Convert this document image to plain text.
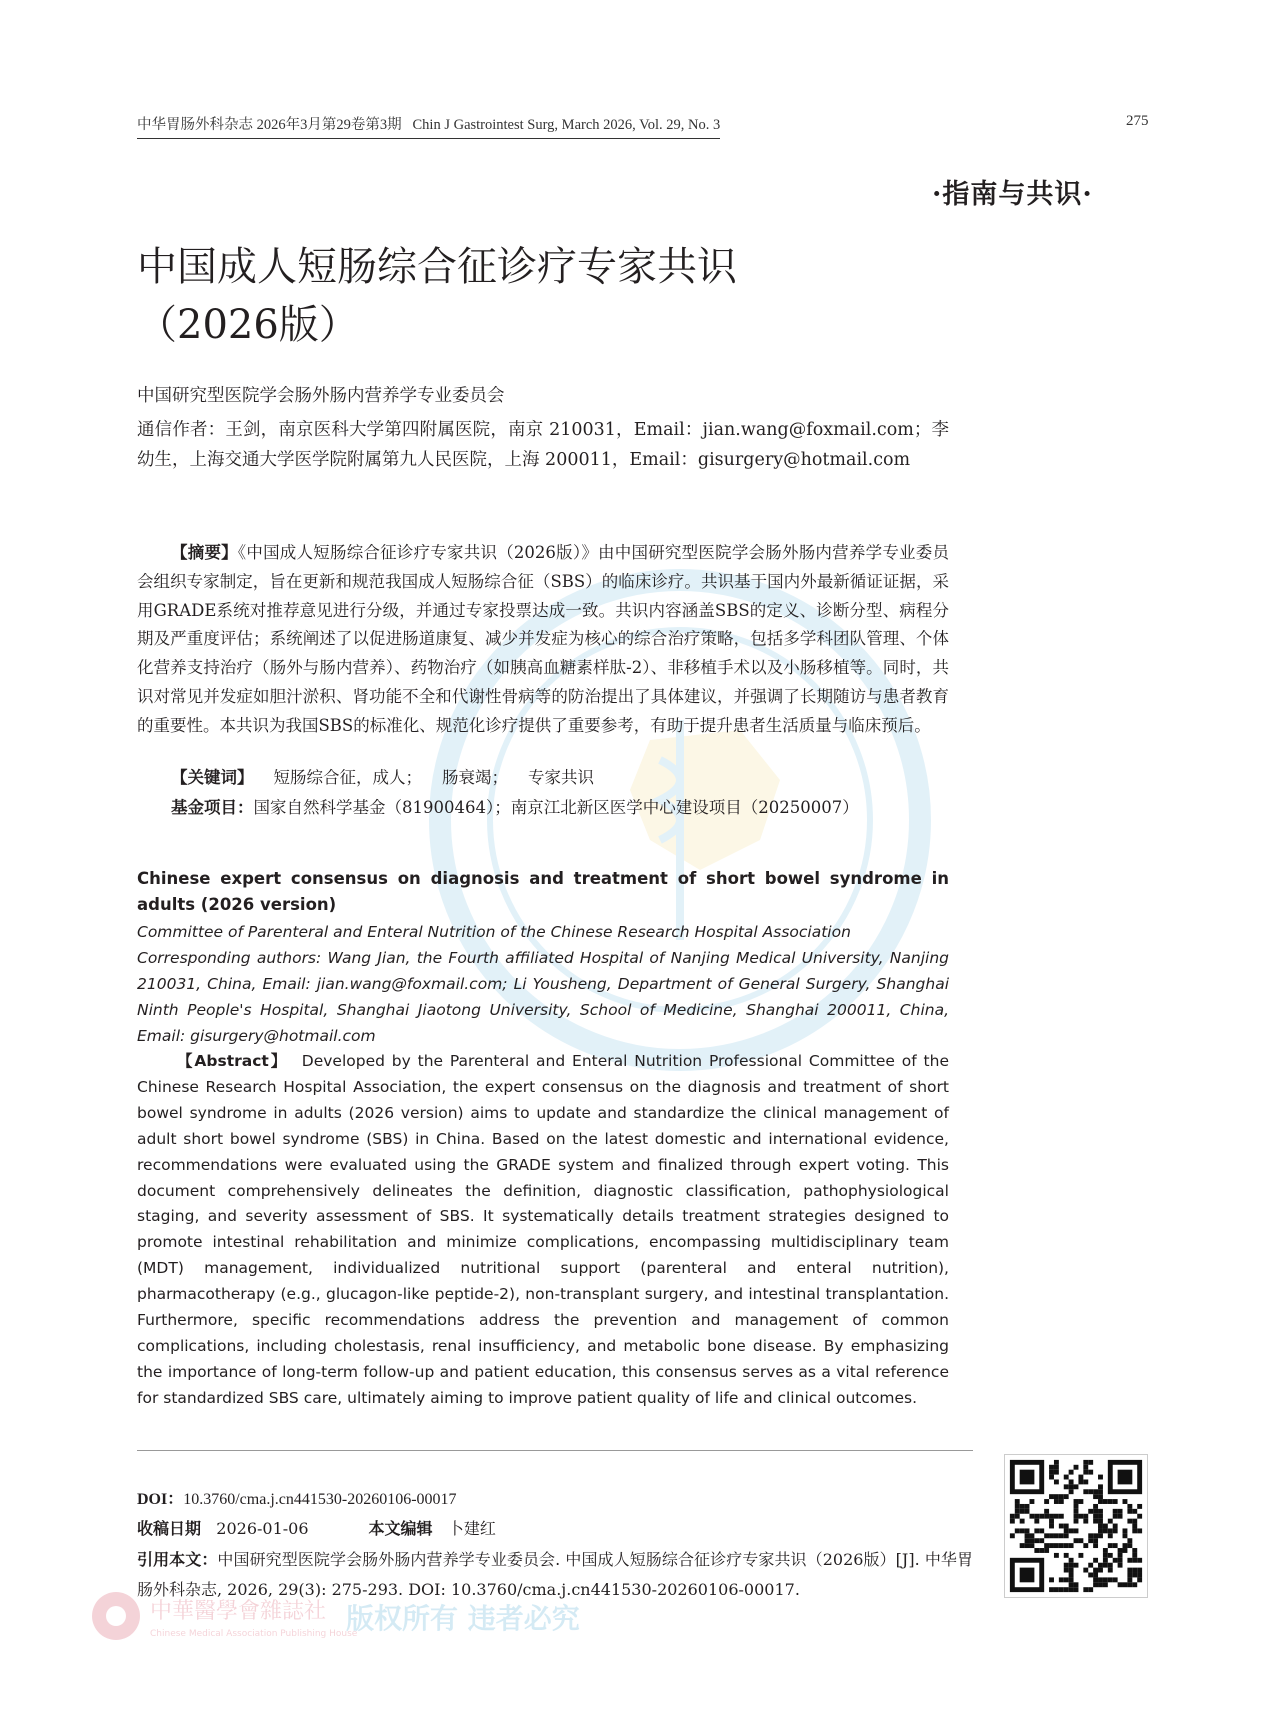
中华胃肠外科杂志 2026年3月第29卷第3期 Chin J Gastrointest Surg, March 2026, Vol. 29, No. 3	275
·指南与共识·
中国成人短肠综合征诊疗专家共识
（2026版）
中国研究型医院学会肠外肠内营养学专业委员会
通信作者：王剑，南京医科大学第四附属医院，南京 210031，Email：jian.wang@foxmail.com；李幼生，上海交通大学医学院附属第九人民医院，上海 200011，Email：gisurgery@hotmail.com
【摘要】《中国成人短肠综合征诊疗专家共识（2026版）》由中国研究型医院学会肠外肠内营养学专业委员会组织专家制定，旨在更新和规范我国成人短肠综合征（SBS）的临床诊疗。共识基于国内外最新循证证据，采用GRADE系统对推荐意见进行分级，并通过专家投票达成一致。共识内容涵盖SBS的定义、诊断分型、病程分期及严重度评估；系统阐述了以促进肠道康复、减少并发症为核心的综合治疗策略，包括多学科团队管理、个体化营养支持治疗（肠外与肠内营养）、药物治疗（如胰高血糖素样肽-2）、非移植手术以及小肠移植等。同时，共识对常见并发症如胆汁淤积、肾功能不全和代谢性骨病等的防治提出了具体建议，并强调了长期随访与患者教育的重要性。本共识为我国SBS的标准化、规范化诊疗提供了重要参考，有助于提升患者生活质量与临床预后。
【关键词】 短肠综合征，成人； 肠衰竭； 专家共识
基金项目：国家自然科学基金（81900464）；南京江北新区医学中心建设项目（20250007）
Chinese expert consensus on diagnosis and treatment of short bowel syndrome in adults (2026 version)
Committee of Parenteral and Enteral Nutrition of the Chinese Research Hospital Association
Corresponding authors: Wang Jian, the Fourth affiliated Hospital of Nanjing Medical University, Nanjing 210031, China, Email: jian.wang@foxmail.com; Li Yousheng, Department of General Surgery, Shanghai Ninth People's Hospital, Shanghai Jiaotong University, School of Medicine, Shanghai 200011, China, Email: gisurgery@hotmail.com
【Abstract】 Developed by the Parenteral and Enteral Nutrition Professional Committee of the Chinese Research Hospital Association, the expert consensus on the diagnosis and treatment of short bowel syndrome in adults (2026 version) aims to update and standardize the clinical management of adult short bowel syndrome (SBS) in China. Based on the latest domestic and international evidence, recommendations were evaluated using the GRADE system and finalized through expert voting. This document comprehensively delineates the definition, diagnostic classification, pathophysiological staging, and severity assessment of SBS. It systematically details treatment strategies designed to promote intestinal rehabilitation and minimize complications, encompassing multidisciplinary team (MDT) management, individualized nutritional support (parenteral and enteral nutrition), pharmacotherapy (e.g., glucagon-like peptide-2), non-transplant surgery, and intestinal transplantation. Furthermore, specific recommendations address the prevention and management of common complications, including cholestasis, renal insufficiency, and metabolic bone disease. By emphasizing the importance of long-term follow-up and patient education, this consensus serves as a vital reference for standardized SBS care, ultimately aiming to improve patient quality of life and clinical outcomes.
DOI：10.3760/cma.j.cn441530-20260106-00017
收稿日期 2026-01-06	本文编辑 卜建红
引用本文：中国研究型医院学会肠外肠内营养学专业委员会. 中国成人短肠综合征诊疗专家共识（2026版）[J]. 中华胃肠外科杂志, 2026, 29(3): 275-293. DOI: 10.3760/cma.j.cn441530-20260106-00017.
中華醫學會雜誌社
Chinese Medical Association Publishing House
版权所有 违者必究
